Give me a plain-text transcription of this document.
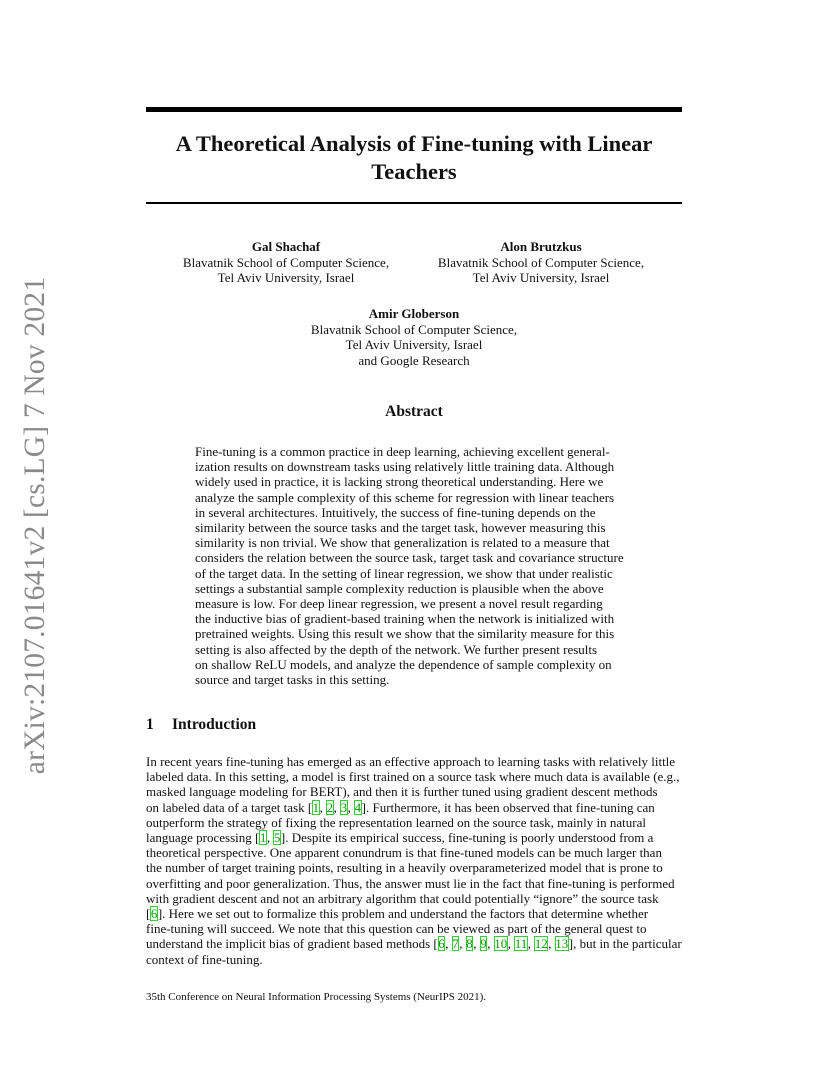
arXiv:2107.01641v2 [cs.LG] 7 Nov 2021
A Theoretical Analysis of Fine-tuning with Linear
Teachers
Gal Shachaf
Blavatnik School of Computer Science,
Tel Aviv University, Israel
Alon Brutzkus
Blavatnik School of Computer Science,
Tel Aviv University, Israel
Amir Globerson
Blavatnik School of Computer Science,
Tel Aviv University, Israel
and Google Research
Abstract
Fine-tuning is a common practice in deep learning, achieving excellent general-
ization results on downstream tasks using relatively little training data. Although
widely used in practice, it is lacking strong theoretical understanding. Here we
analyze the sample complexity of this scheme for regression with linear teachers
in several architectures. Intuitively, the success of fine-tuning depends on the
similarity between the source tasks and the target task, however measuring this
similarity is non trivial. We show that generalization is related to a measure that
considers the relation between the source task, target task and covariance structure
of the target data. In the setting of linear regression, we show that under realistic
settings a substantial sample complexity reduction is plausible when the above
measure is low. For deep linear regression, we present a novel result regarding
the inductive bias of gradient-based training when the network is initialized with
pretrained weights. Using this result we show that the similarity measure for this
setting is also affected by the depth of the network. We further present results
on shallow ReLU models, and analyze the dependence of sample complexity on
source and target tasks in this setting.
1 Introduction
In recent years fine-tuning has emerged as an effective approach to learning tasks with relatively little
labeled data. In this setting, a model is first trained on a source task where much data is available (e.g.,
masked language modeling for BERT), and then it is further tuned using gradient descent methods
on labeled data of a target task [1, 2, 3, 4]. Furthermore, it has been observed that fine-tuning can
outperform the strategy of fixing the representation learned on the source task, mainly in natural
language processing [1, 5]. Despite its empirical success, fine-tuning is poorly understood from a
theoretical perspective. One apparent conundrum is that fine-tuned models can be much larger than
the number of target training points, resulting in a heavily overparameterized model that is prone to
overfitting and poor generalization. Thus, the answer must lie in the fact that fine-tuning is performed
with gradient descent and not an arbitrary algorithm that could potentially “ignore” the source task
[6]. Here we set out to formalize this problem and understand the factors that determine whether
fine-tuning will succeed. We note that this question can be viewed as part of the general quest to
understand the implicit bias of gradient based methods [6, 7, 8, 9, 10, 11, 12, 13], but in the particular
context of fine-tuning.
35th Conference on Neural Information Processing Systems (NeurIPS 2021).
